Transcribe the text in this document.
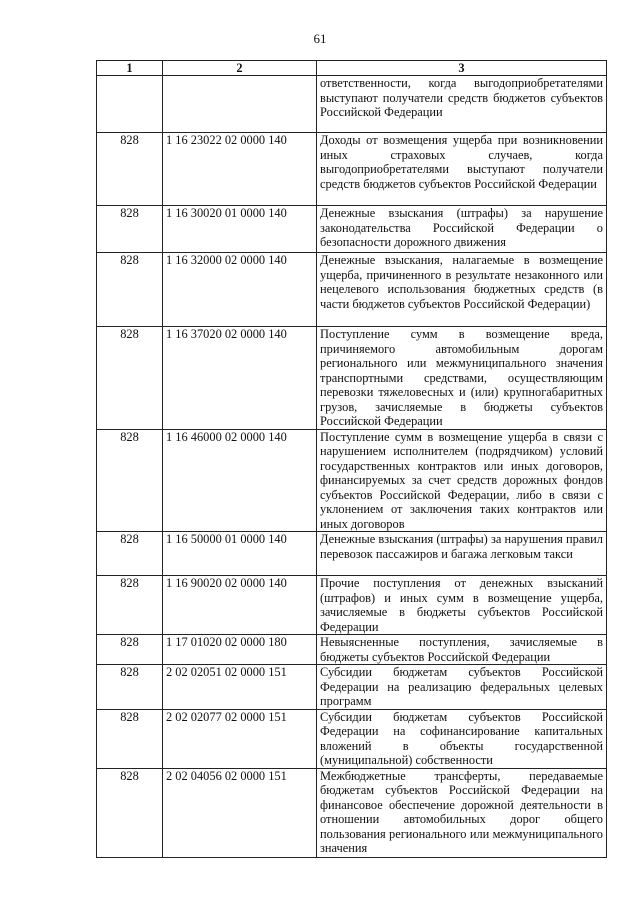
61
1	2	3
		ответственности, когда выгодоприобретателями выступают получатели средств бюджетов субъектов Российской Федерации
828	1 16 23022 02 0000 140	Доходы от возмещения ущерба при возникновении иных страховых случаев, когда выгодоприобретателями выступают получатели средств бюджетов субъектов Российской Федерации
828	1 16 30020 01 0000 140	Денежные взыскания (штрафы) за нарушение законодательства Российской Федерации о безопасности дорожного движения
828	1 16 32000 02 0000 140	Денежные взыскания, налагаемые в возмещение ущерба, причиненного в результате незаконного или нецелевого использования бюджетных средств (в части бюджетов субъектов Российской Федерации)
828	1 16 37020 02 0000 140	Поступление сумм в возмещение вреда, причиняемого автомобильным дорогам регионального или межмуниципального значения транспортными средствами, осуществляющим перевозки тяжеловесных и (или) крупногабаритных грузов, зачисляемые в бюджеты субъектов Российской Федерации
828	1 16 46000 02 0000 140	Поступление сумм в возмещение ущерба в связи с нарушением исполнителем (подрядчиком) условий государственных контрактов или иных договоров, финансируемых за счет средств дорожных фондов субъектов Российской Федерации, либо в связи с уклонением от заключения таких контрактов или иных договоров
828	1 16 50000 01 0000 140	Денежные взыскания (штрафы) за нарушения правил перевозок пассажиров и багажа легковым такси
828	1 16 90020 02 0000 140	Прочие поступления от денежных взысканий (штрафов) и иных сумм в возмещение ущерба, зачисляемые в бюджеты субъектов Российской Федерации
828	1 17 01020 02 0000 180	Невыясненные поступления, зачисляемые в бюджеты субъектов Российской Федерации
828	2 02 02051 02 0000 151	Субсидии бюджетам субъектов Российской Федерации на реализацию федеральных целевых программ
828	2 02 02077 02 0000 151	Субсидии бюджетам субъектов Российской Федерации на софинансирование капитальных вложений в объекты государственной (муниципальной) собственности
828	2 02 04056 02 0000 151	Межбюджетные трансферты, передаваемые бюджетам субъектов Российской Федерации на финансовое обеспечение дорожной деятельности в отношении автомобильных дорог общего пользования регионального или межмуниципального значения
